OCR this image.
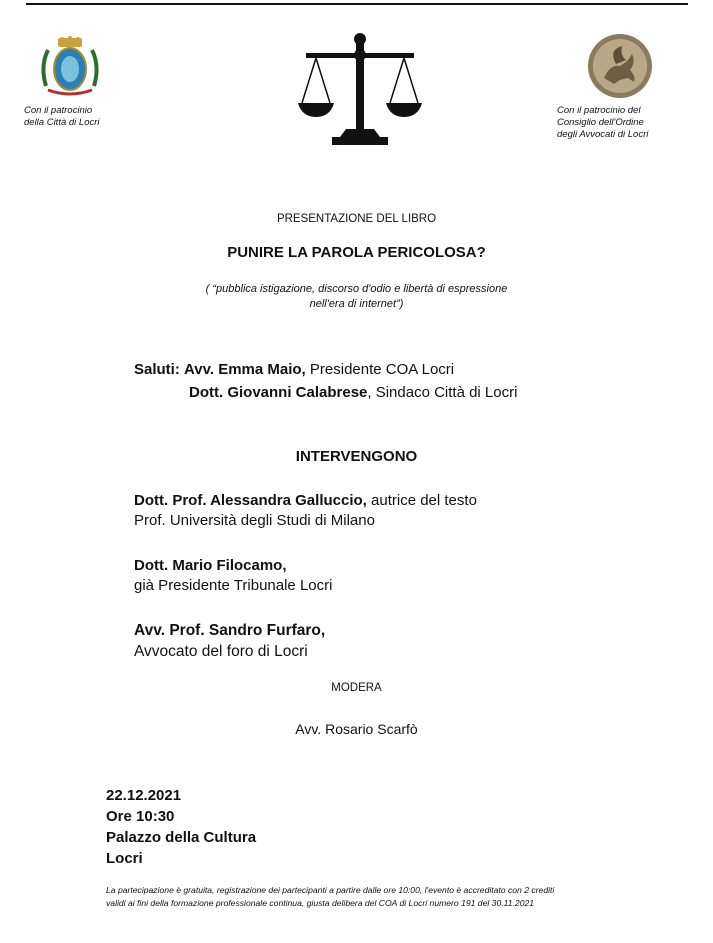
Con il patrocinio
della Città di Locri
Con il patrocinio del
Consiglio dell'Ordine
degli Avvocati di Locri
PRESENTAZIONE DEL LIBRO
PUNIRE LA PAROLA PERICOLOSA?
( “pubblica istigazione, discorso d'odio e libertà di espressione
nell'era di internet”)
Saluti: Avv. Emma Maio, Presidente COA Locri
Dott. Giovanni Calabrese, Sindaco Città di Locri
INTERVENGONO
Dott. Prof. Alessandra Galluccio, autrice del testo
Prof. Università degli Studi di Milano
Dott. Mario Filocamo,
già Presidente Tribunale Locri
Avv. Prof. Sandro Furfaro,
Avvocato del foro di Locri
MODERA
Avv. Rosario Scarfò
22.12.2021
Ore 10:30
Palazzo della Cultura
Locri
La partecipazione è gratuita, registrazione dei partecipanti a partire dalle ore 10:00, l'evento è accreditato con 2 crediti
validi ai fini della formazione professionale continua, giusta delibera del COA di Locri numero 191 del 30.11.2021
